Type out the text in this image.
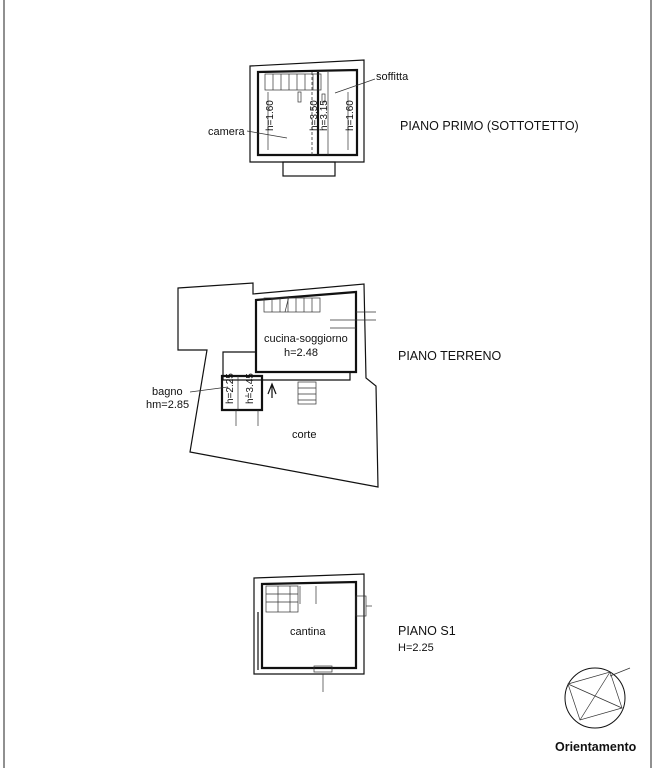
camera
soffitta
h=1.60	h=3.50 h=3.15 h=1.60	PIANO PRIMO (SOTTOTETTO)
cucina-soggiorno
h=2.48
bagno
hm=2.85
h=2.25 h=3.45
corte
PIANO TERRENO
cantina	PIANO S1
H=2.25
Orientamento
